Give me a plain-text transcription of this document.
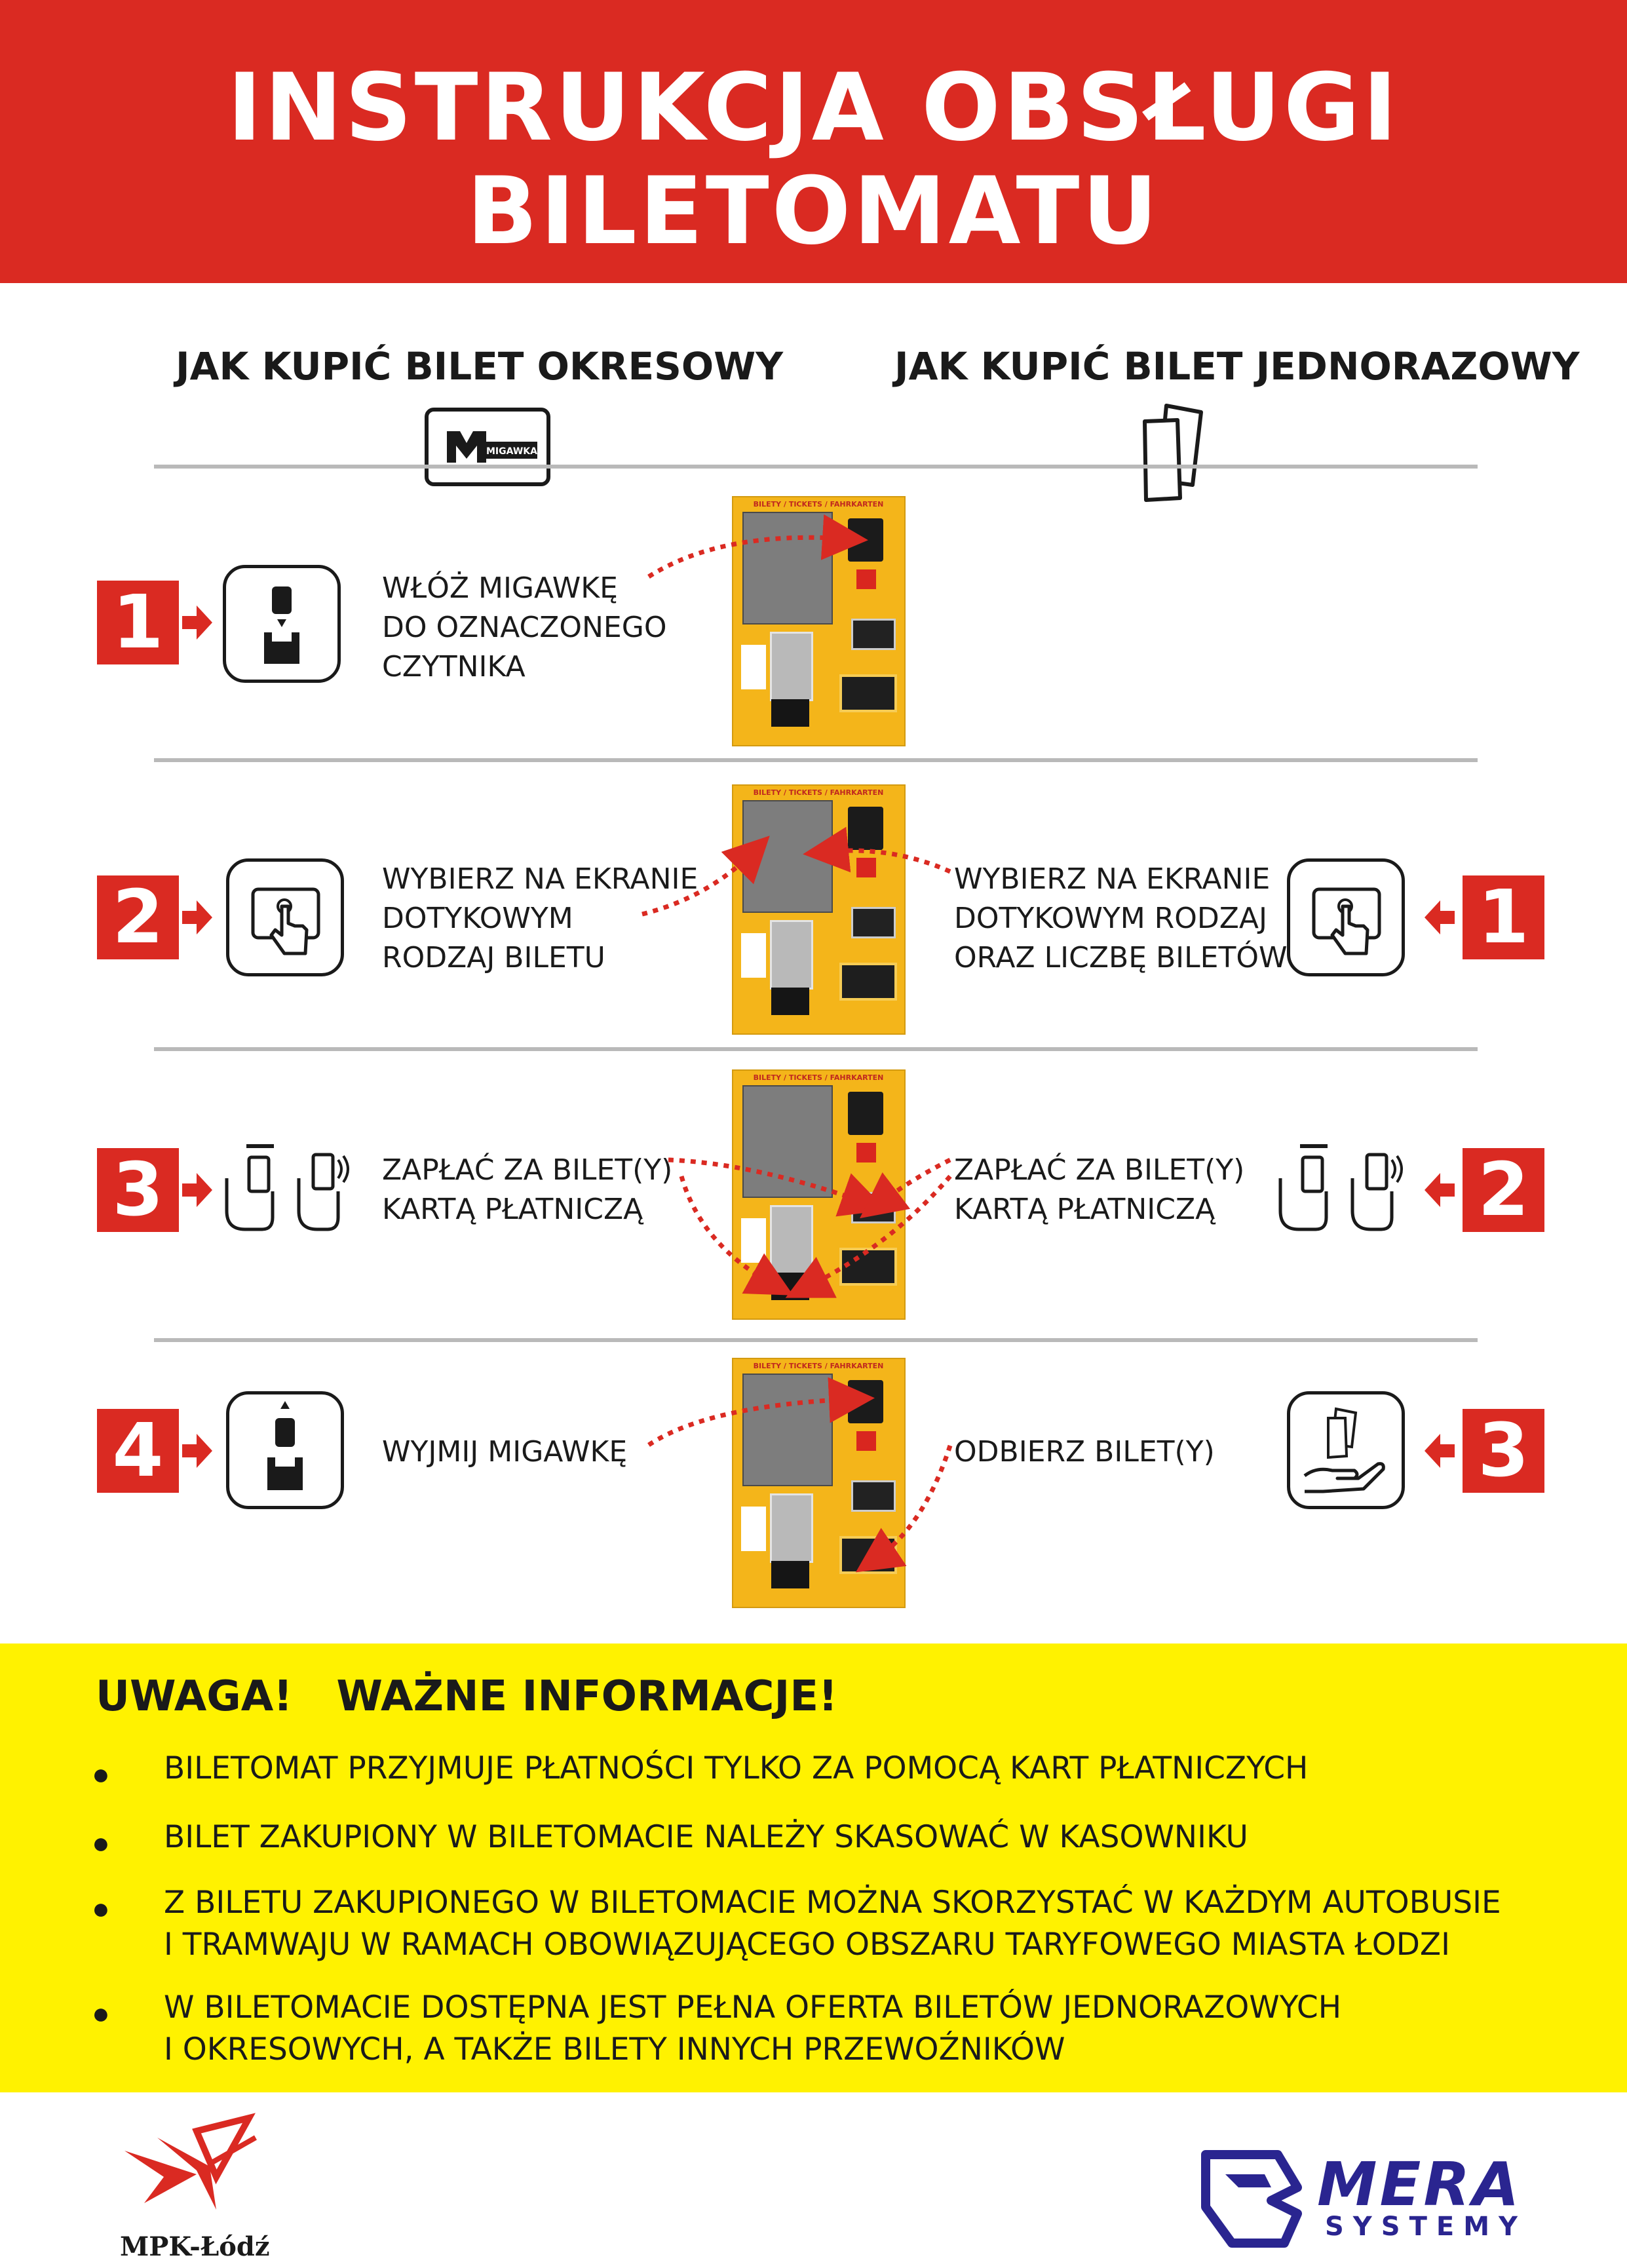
INSTRUKCJA OBSŁUGI
BILETOMATU
JAK KUPIĆ BILET OKRESOWY	JAK KUPIĆ BILET JEDNORAZOWY
MIGAWKA
BILETY / TICKETS / FAHRKARTEN
BILETY / TICKETS / FAHRKARTEN
BILETY / TICKETS / FAHRKARTEN
BILETY / TICKETS / FAHRKARTEN
1	WŁÓŻ MIGAWKĘ
DO OZNACZONEGO
CZYTNIKA
2	WYBIERZ NA EKRANIE
DOTYKOWYM
RODZAJ BILETU
3	ZAPŁAĆ ZA BILET(Y)
KARTĄ PŁATNICZĄ
4	WYJMIJ MIGAWKĘ
WYBIERZ NA EKRANIE
DOTYKOWYM RODZAJ
ORAZ LICZBĘ BILETÓW	1
ZAPŁAĆ ZA BILET(Y)
KARTĄ PŁATNICZĄ	2
ODBIERZ BILET(Y)	3
UWAGA!   WAŻNE INFORMACJE!
● BILETOMAT PRZYJMUJE PŁATNOŚCI TYLKO ZA POMOCĄ KART PŁATNICZYCH
● BILET ZAKUPIONY W BILETOMACIE NALEŻY SKASOWAĆ W KASOWNIKU
● Z BILETU ZAKUPIONEGO W BILETOMACIE MOŻNA SKORZYSTAĆ W KAŻDYM AUTOBUSIE
I TRAMWAJU W RAMACH OBOWIĄZUJĄCEGO OBSZARU TARYFOWEGO MIASTA ŁODZI
● W BILETOMACIE DOSTĘPNA JEST PEŁNA OFERTA BILETÓW JEDNORAZOWYCH
I OKRESOWYCH, A TAKŻE BILETY INNYCH PRZEWOŹNIKÓW
MPK-Łódź
MERA
SYSTEMY
